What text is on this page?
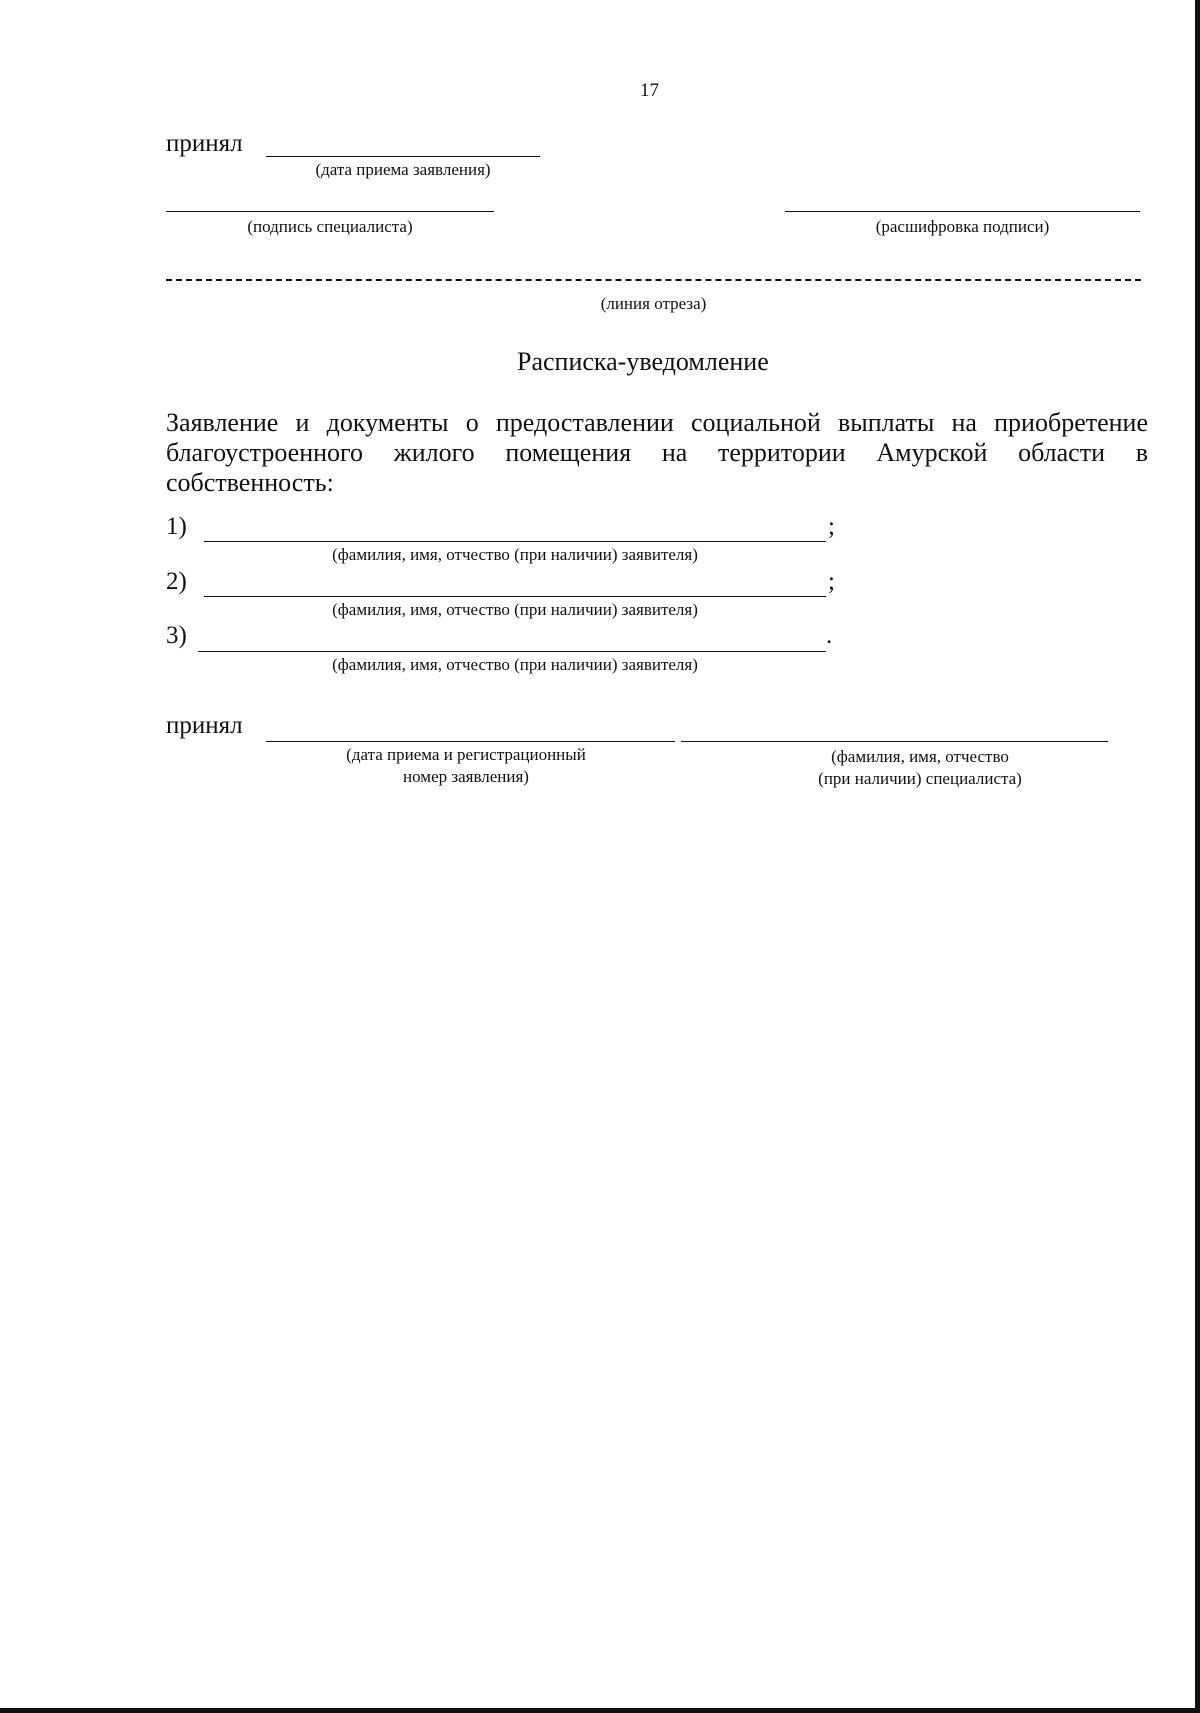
17
принял
(дата приема заявления)
(подпись специалиста)	(расшифровка подписи)
(линия отреза)
Расписка-уведомление
Заявление и документы о предоставлении социальной выплаты на приобретение благоустроенного жилого помещения на территории Амурской области в собственность:
1)	;
(фамилия, имя, отчество (при наличии) заявителя)
2)	;
(фамилия, имя, отчество (при наличии) заявителя)
3)	.
(фамилия, имя, отчество (при наличии) заявителя)
принял
(дата приема и регистрационный
номер заявления)
(фамилия, имя, отчество
(при наличии) специалиста)
